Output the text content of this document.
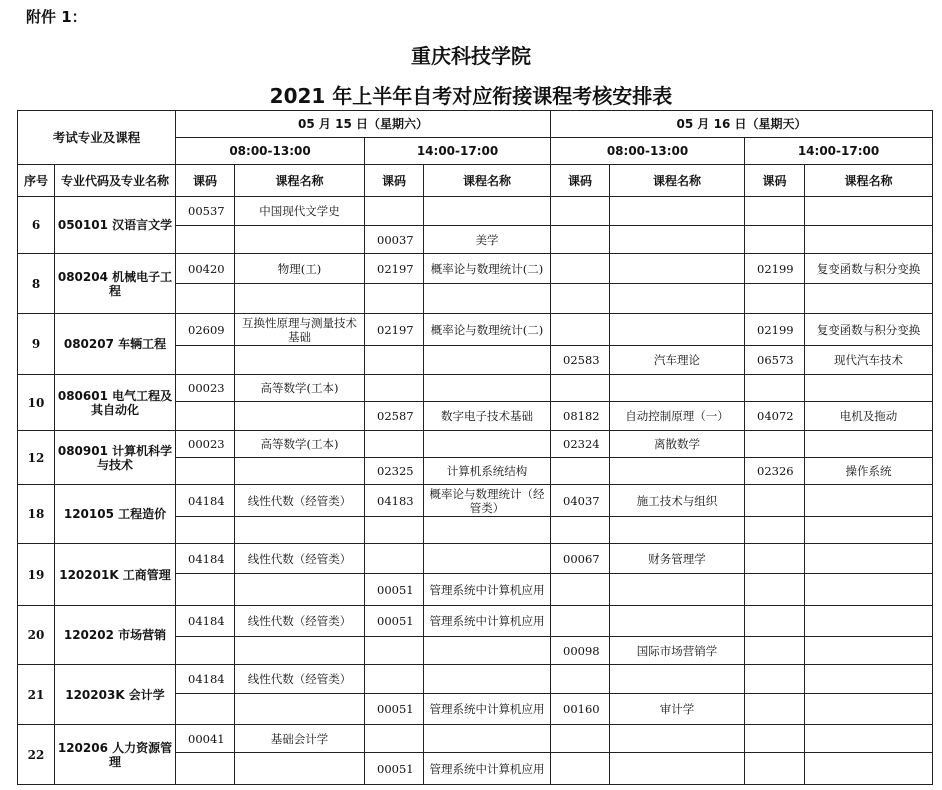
附件 1：
重庆科技学院
2021 年上半年自考对应衔接课程考核安排表
考试专业及课程		05 月 15 日（星期六）				05 月 16 日（星期天）			
		08:00-13:00		14:00-17:00		08:00-13:00		14:00-17:00	
序号	专业代码及专业名称	课码	课程名称	课码	课程名称	课码	课程名称	课码	课程名称
6	050101 汉语言文学	00537	中国现代文学史						
				00037	美学				
8	080204 机械电子工程	00420	物理(工)	02197	概率论与数理统计(二)			02199	复变函数与积分变换

9	080207 车辆工程	02609	互换性原理与测量技术基础	02197	概率论与数理统计(二)			02199	复变函数与积分变换
						02583	汽车理论	06573	现代汽车技术
10	080601 电气工程及其自动化	00023	高等数学(工本)						
				02587	数字电子技术基础	08182	自动控制原理（一）	04072	电机及拖动
12	080901 计算机科学与技术	00023	高等数学(工本)			02324	离散数学		
				02325	计算机系统结构			02326	操作系统
18	120105 工程造价	04184	线性代数（经管类）	04183	概率论与数理统计（经管类）	04037	施工技术与组织		

19	120201K 工商管理	04184	线性代数（经管类）			00067	财务管理学		
				00051	管理系统中计算机应用				
20	120202 市场营销	04184	线性代数（经管类）	00051	管理系统中计算机应用				
						00098	国际市场营销学		
21	120203K 会计学	04184	线性代数（经管类）						
				00051	管理系统中计算机应用	00160	审计学		
22	120206 人力资源管理	00041	基础会计学						
				00051	管理系统中计算机应用				
